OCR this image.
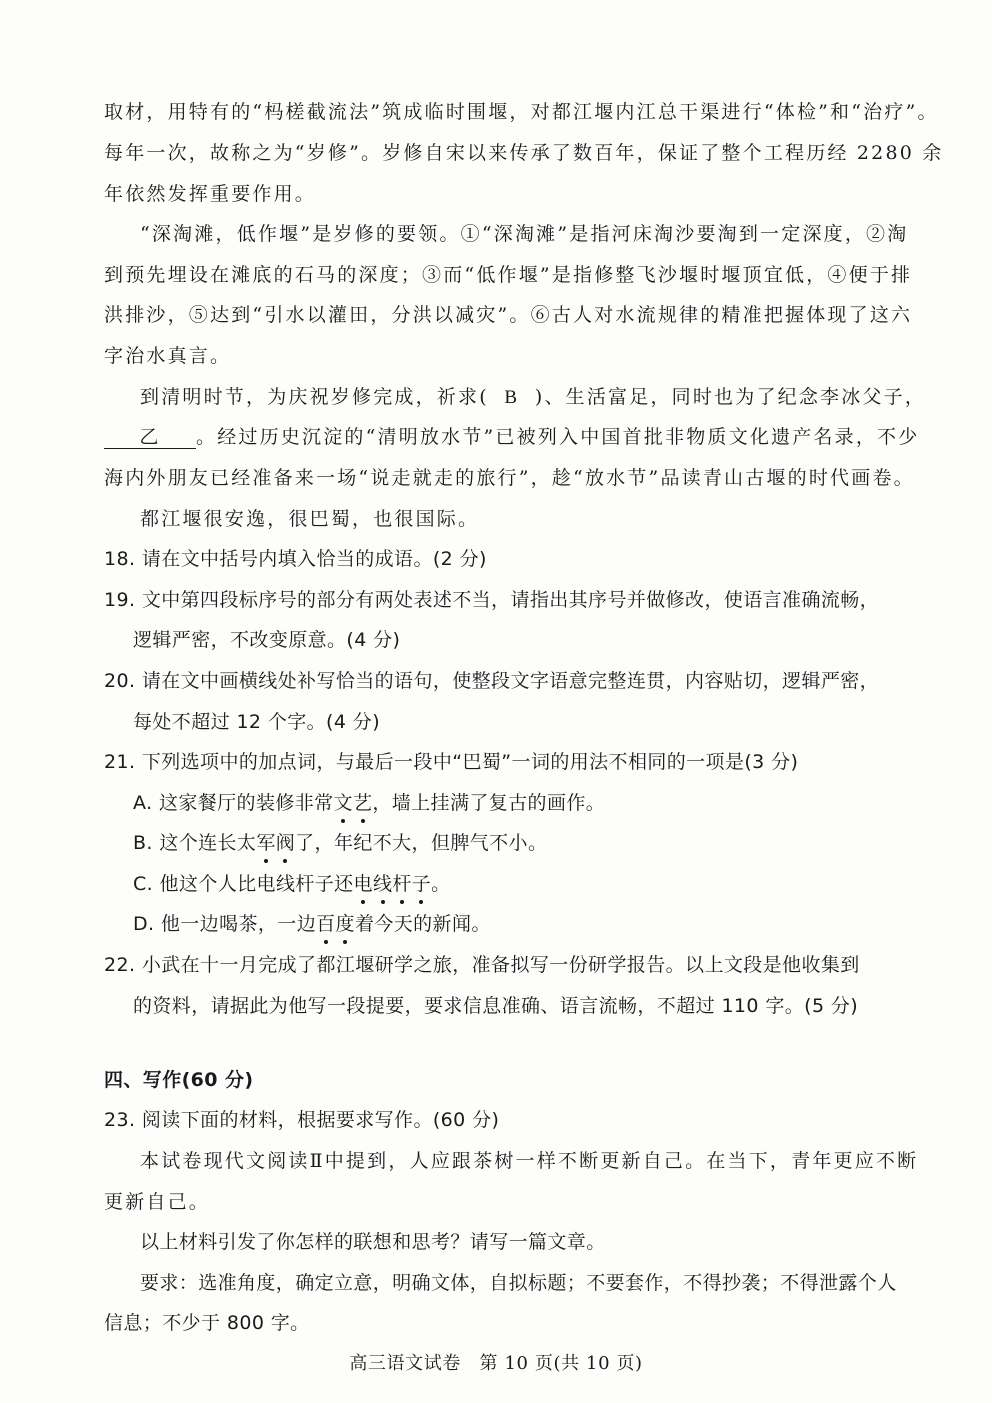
取材，用特有的“杩槎截流法”筑成临时围堰，对都江堰内江总干渠进行“体检”和“治疗”。
每年一次，故称之为“岁修”。岁修自宋以来传承了数百年，保证了整个工程历经 2280 余
年依然发挥重要作用。
“深淘滩，低作堰”是岁修的要领。①“深淘滩”是指河床淘沙要淘到一定深度，②淘
到预先埋设在滩底的石马的深度；③而“低作堰”是指修整飞沙堰时堰顶宜低，④便于排
洪排沙，⑤达到“引水以灌田，分洪以减灾”。⑥古人对水流规律的精准把握体现了这六
字治水真言。
到清明时节，为庆祝岁修完成，祈求( B )、生活富足，同时也为了纪念李冰父子，
乙 。经过历史沉淀的“清明放水节”已被列入中国首批非物质文化遗产名录，不少
海内外朋友已经准备来一场“说走就走的旅行”，趁“放水节”品读青山古堰的时代画卷。
都江堰很安逸，很巴蜀，也很国际。
18. 请在文中括号内填入恰当的成语。(2 分)
19. 文中第四段标序号的部分有两处表述不当，请指出其序号并做修改，使语言准确流畅，
逻辑严密，不改变原意。(4 分)
20. 请在文中画横线处补写恰当的语句，使整段文字语意完整连贯，内容贴切，逻辑严密，
每处不超过 12 个字。(4 分)
21. 下列选项中的加点词，与最后一段中“巴蜀”一词的用法不相同的一项是(3 分)
A. 这家餐厅的装修非常文艺，墙上挂满了复古的画作。
B. 这个连长太军阀了，年纪不大，但脾气不小。
C. 他这个人比电线杆子还电线杆子。
D. 他一边喝茶，一边百度着今天的新闻。
22. 小武在十一月完成了都江堰研学之旅，准备拟写一份研学报告。以上文段是他收集到
的资料，请据此为他写一段提要，要求信息准确、语言流畅，不超过 110 字。(5 分)
四、写作(60 分)
23. 阅读下面的材料，根据要求写作。(60 分)
本试卷现代文阅读Ⅱ中提到，人应跟茶树一样不断更新自己。在当下，青年更应不断
更新自己。
以上材料引发了你怎样的联想和思考？请写一篇文章。
要求：选准角度，确定立意，明确文体，自拟标题；不要套作，不得抄袭；不得泄露个人
信息；不少于 800 字。
高三语文试卷　第 10 页(共 10 页)
